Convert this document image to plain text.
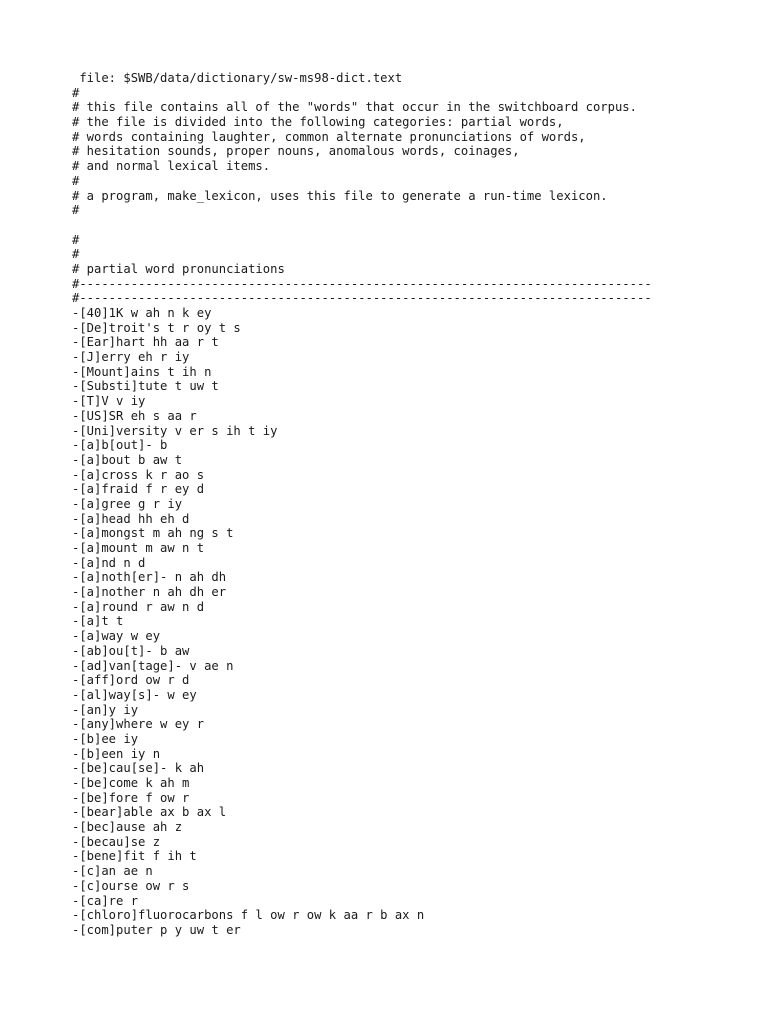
file: $SWB/data/dictionary/sw-ms98-dict.text
#
# this file contains all of the "words" that occur in the switchboard corpus.
# the file is divided into the following categories: partial words,
# words containing laughter, common alternate pronunciations of words,
# hesitation sounds, proper nouns, anomalous words, coinages,
# and normal lexical items.
#
# a program, make_lexicon, uses this file to generate a run-time lexicon.
#
#
#
# partial word pronunciations
#------------------------------------------------------------------------------
#------------------------------------------------------------------------------
-[40]1K w ah n k ey
-[De]troit's t r oy t s
-[Ear]hart hh aa r t
-[J]erry eh r iy
-[Mount]ains t ih n
-[Substi]tute t uw t
-[T]V v iy
-[US]SR eh s aa r
-[Uni]versity v er s ih t iy
-[a]b[out]- b
-[a]bout b aw t
-[a]cross k r ao s
-[a]fraid f r ey d
-[a]gree g r iy
-[a]head hh eh d
-[a]mongst m ah ng s t
-[a]mount m aw n t
-[a]nd n d
-[a]noth[er]- n ah dh
-[a]nother n ah dh er
-[a]round r aw n d
-[a]t t
-[a]way w ey
-[ab]ou[t]- b aw
-[ad]van[tage]- v ae n
-[aff]ord ow r d
-[al]way[s]- w ey
-[an]y iy
-[any]where w ey r
-[b]ee iy
-[b]een iy n
-[be]cau[se]- k ah
-[be]come k ah m
-[be]fore f ow r
-[bear]able ax b ax l
-[bec]ause ah z
-[becau]se z
-[bene]fit f ih t
-[c]an ae n
-[c]ourse ow r s
-[ca]re r
-[chloro]fluorocarbons f l ow r ow k aa r b ax n
-[com]puter p y uw t er
